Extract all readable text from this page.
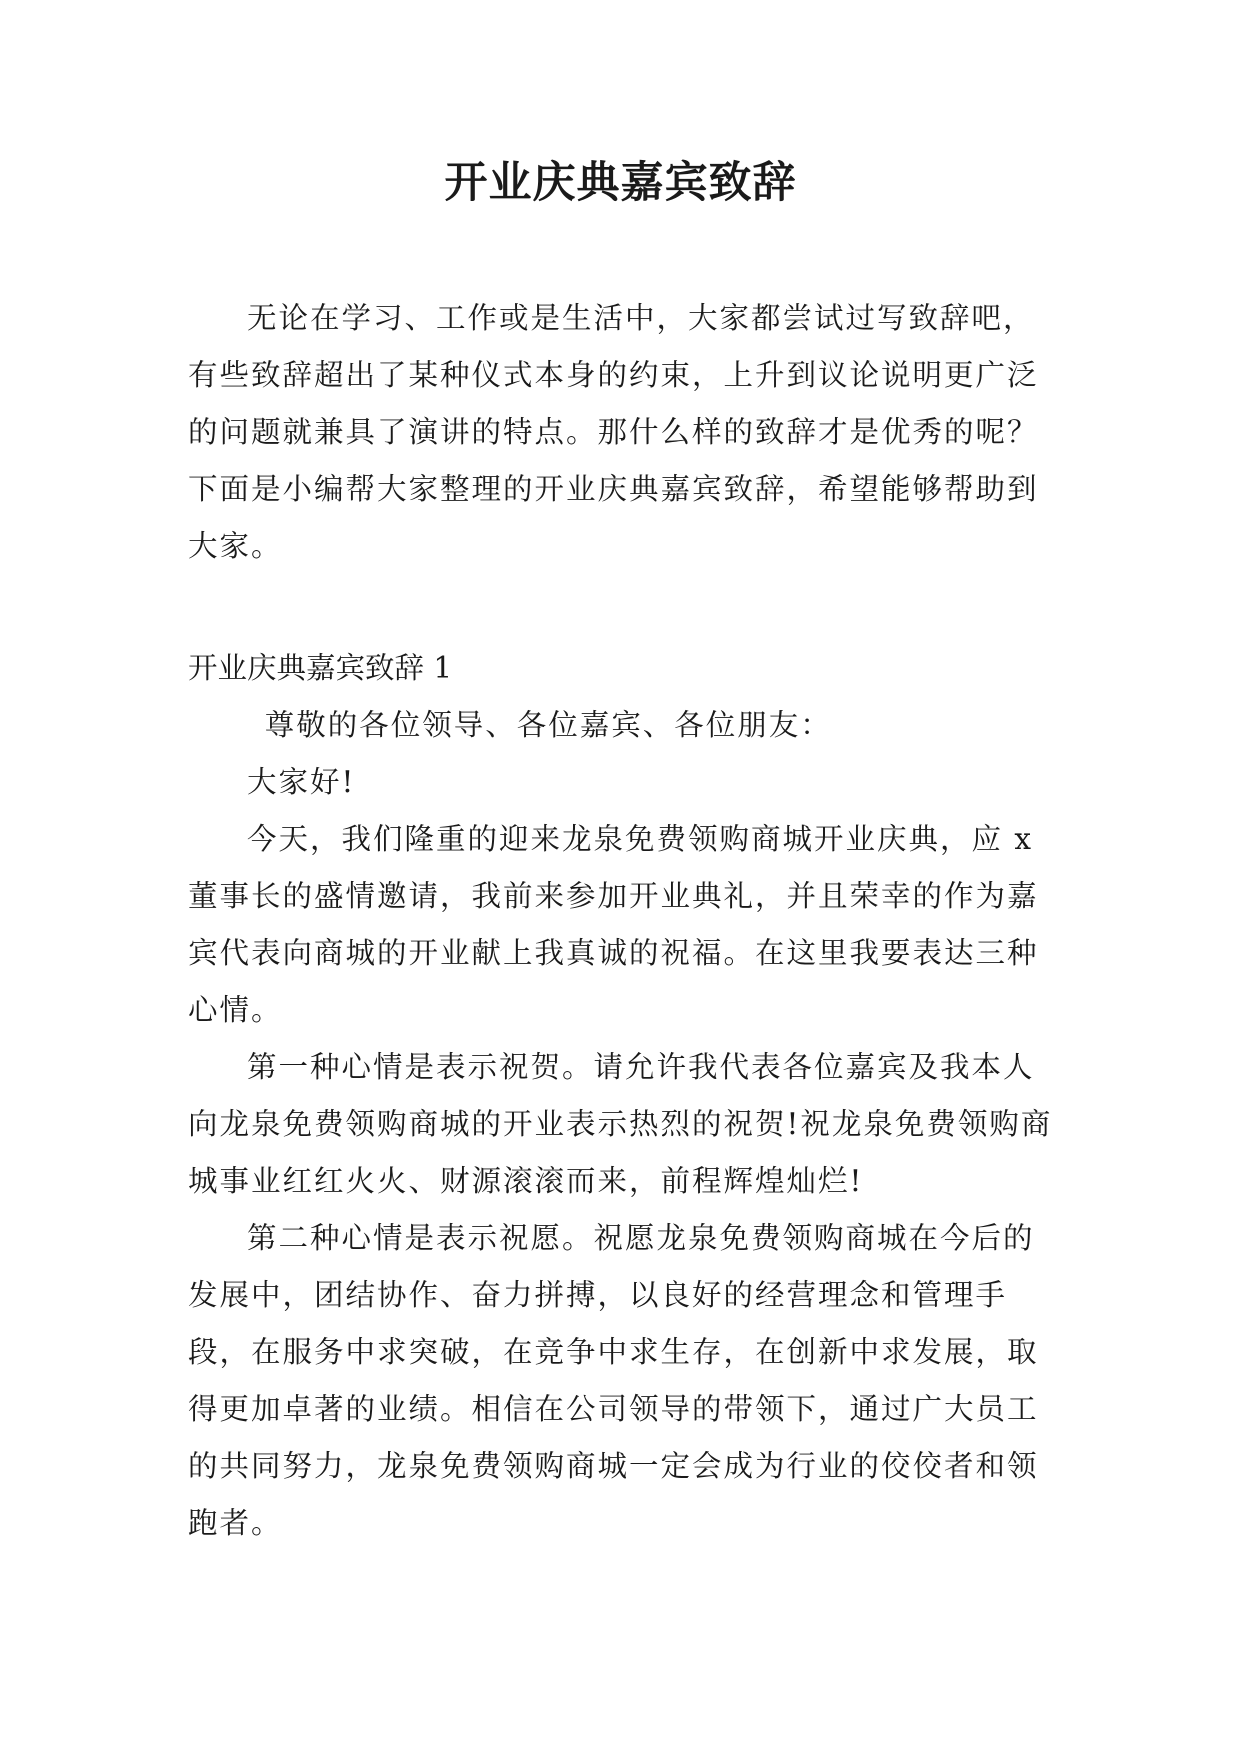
开业庆典嘉宾致辞
无论在学习、工作或是生活中，大家都尝试过写致辞吧，有些致辞超出了某种仪式本身的约束，上升到议论说明更广泛的问题就兼具了演讲的特点。那什么样的致辞才是优秀的呢？下面是小编帮大家整理的开业庆典嘉宾致辞，希望能够帮助到大家。
开业庆典嘉宾致辞 1

尊敬的各位领导、各位嘉宾、各位朋友：

大家好!

今天，我们隆重的迎来龙泉免费领购商城开业庆典，应 x 董事长的盛情邀请，我前来参加开业典礼，并且荣幸的作为嘉宾代表向商城的开业献上我真诚的祝福。在这里我要表达三种心情。

第一种心情是表示祝贺。请允许我代表各位嘉宾及我本人向龙泉免费领购商城的开业表示热烈的祝贺!祝龙泉免费领购商城事业红红火火、财源滚滚而来，前程辉煌灿烂!

第二种心情是表示祝愿。祝愿龙泉免费领购商城在今后的发展中，团结协作、奋力拼搏，以良好的经营理念和管理手段，在服务中求突破，在竞争中求生存，在创新中求发展，取得更加卓著的业绩。相信在公司领导的带领下，通过广大员工的共同努力，龙泉免费领购商城一定会成为行业的佼佼者和领跑者。
